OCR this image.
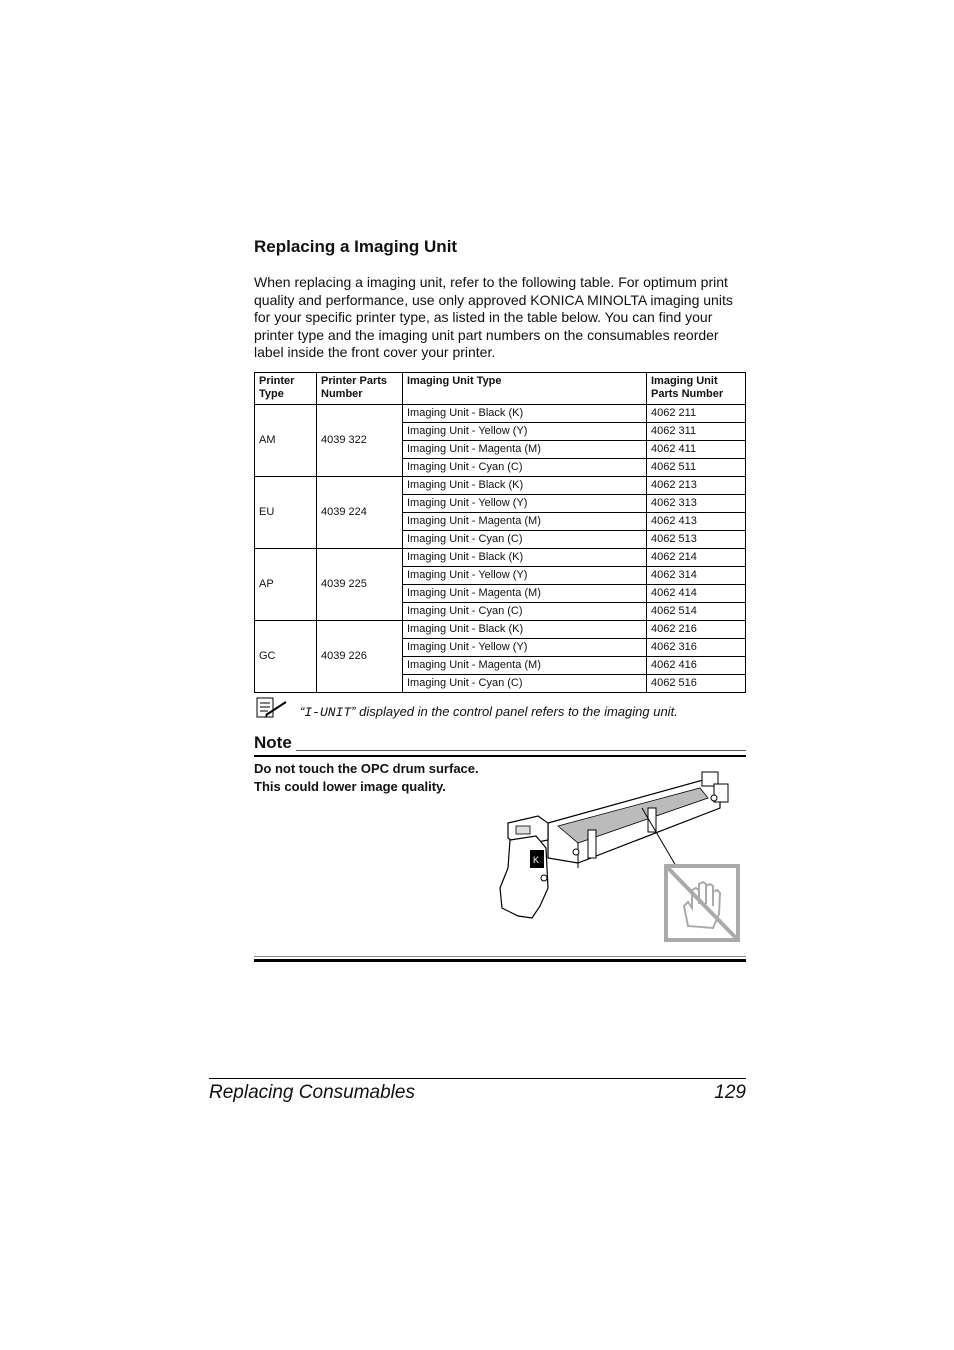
Replacing a Imaging Unit

When replacing a imaging unit, refer to the following table. For optimum print quality and performance, use only approved KONICA MINOLTA imaging units for your specific printer type, as listed in the table below. You can find your printer type and the imaging unit part numbers on the consumables reorder label inside the front cover your printer.

Printer Type	Printer Parts Number	Imaging Unit Type	Imaging Unit Parts Number
AM	4039 322	Imaging Unit - Black (K)	4062 211
		Imaging Unit - Yellow (Y)	4062 311
		Imaging Unit - Magenta (M)	4062 411
		Imaging Unit - Cyan (C)	4062 511
EU	4039 224	Imaging Unit - Black (K)	4062 213
		Imaging Unit - Yellow (Y)	4062 313
		Imaging Unit - Magenta (M)	4062 413
		Imaging Unit - Cyan (C)	4062 513
AP	4039 225	Imaging Unit - Black (K)	4062 214
		Imaging Unit - Yellow (Y)	4062 314
		Imaging Unit - Magenta (M)	4062 414
		Imaging Unit - Cyan (C)	4062 514
GC	4039 226	Imaging Unit - Black (K)	4062 216
		Imaging Unit - Yellow (Y)	4062 316
		Imaging Unit - Magenta (M)	4062 416
		Imaging Unit - Cyan (C)	4062 516
“I-UNIT” displayed in the control panel refers to the imaging unit.
Note

Do not touch the OPC drum surface. This could lower image quality.

K
Replacing Consumables	129
